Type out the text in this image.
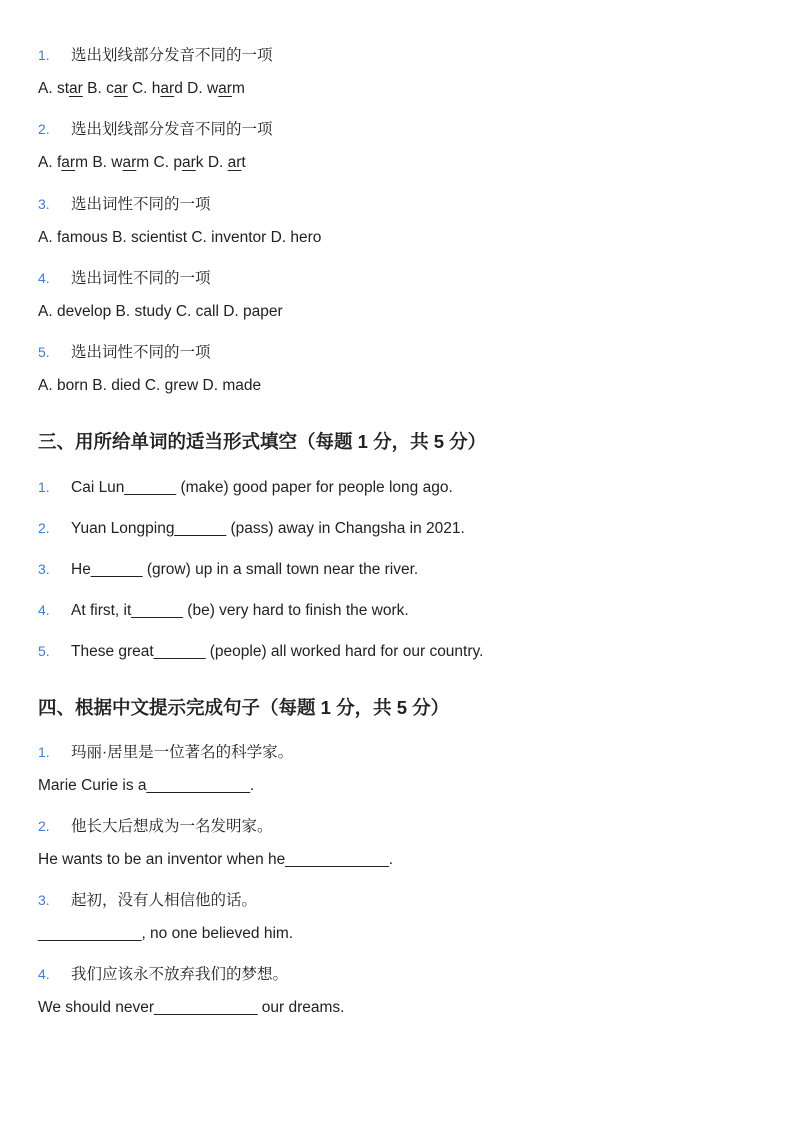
1. 选出划线部分发音不同的一项
A. star B. car C. hard D. warm
2. 选出划线部分发音不同的一项
A. farm B. warm C. park D. art
3. 选出词性不同的一项
A. famous B. scientist C. inventor D. hero
4. 选出词性不同的一项
A. develop B. study C. call D. paper
5. 选出词性不同的一项
A. born B. died C. grew D. made
三、用所给单词的适当形式填空（每题 1 分，共 5 分）
1. Cai Lun______ (make) good paper for people long ago.
2. Yuan Longping______ (pass) away in Changsha in 2021.
3. He______ (grow) up in a small town near the river.
4. At first, it______ (be) very hard to finish the work.
5. These great______ (people) all worked hard for our country.
四、根据中文提示完成句子（每题 1 分，共 5 分）
1. 玛丽·居里是一位著名的科学家。
Marie Curie is a____________.
2. 他长大后想成为一名发明家。
He wants to be an inventor when he____________.
3. 起初，没有人相信他的话。
____________, no one believed him.
4. 我们应该永不放弃我们的梦想。
We should never____________ our dreams.
